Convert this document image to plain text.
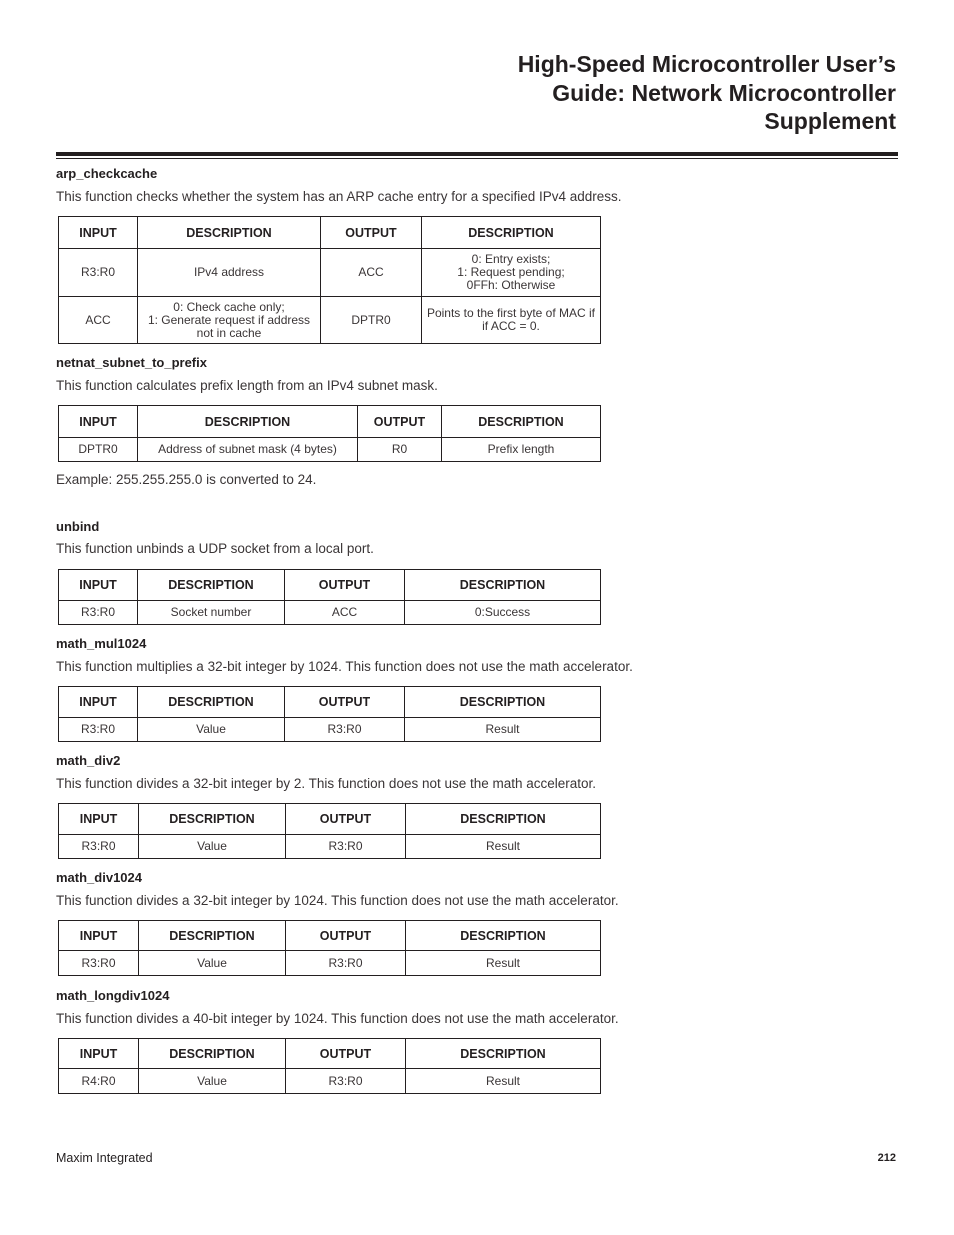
High-Speed Microcontroller User’s
Guide: Network Microcontroller
Supplement

arp_checkcache

This function checks whether the system has an ARP cache entry for a specified IPv4 address.

INPUT	DESCRIPTION	OUTPUT	DESCRIPTION
R3:R0	IPv4 address	ACC	0: Entry exists;
1: Request pending;
0FFh: Otherwise

ACC	0: Check cache only;
1: Generate request if address
not in cache	DPTR0	Points to the first byte of MAC if
if ACC = 0.

netnat_subnet_to_prefix

This function calculates prefix length from an IPv4 subnet mask.

INPUT	DESCRIPTION	OUTPUT	DESCRIPTION
DPTR0	Address of subnet mask (4 bytes)	R0	Prefix length

Example: 255.255.255.0 is converted to 24.

unbind

This function unbinds a UDP socket from a local port.

INPUT	DESCRIPTION	OUTPUT	DESCRIPTION
R3:R0	Socket number	ACC	0:Success

math_mul1024

This function multiplies a 32-bit integer by 1024. This function does not use the math accelerator.

INPUT	DESCRIPTION	OUTPUT	DESCRIPTION
R3:R0	Value	R3:R0	Result

math_div2

This function divides a 32-bit integer by 2. This function does not use the math accelerator.

INPUT	DESCRIPTION	OUTPUT	DESCRIPTION
R3:R0	Value	R3:R0	Result

math_div1024

This function divides a 32-bit integer by 1024. This function does not use the math accelerator.

INPUT	DESCRIPTION	OUTPUT	DESCRIPTION
R3:R0	Value	R3:R0	Result

math_longdiv1024

This function divides a 40-bit integer by 1024. This function does not use the math accelerator.

INPUT	DESCRIPTION	OUTPUT	DESCRIPTION
R4:R0	Value	R3:R0	Result

Maxim Integrated	212
